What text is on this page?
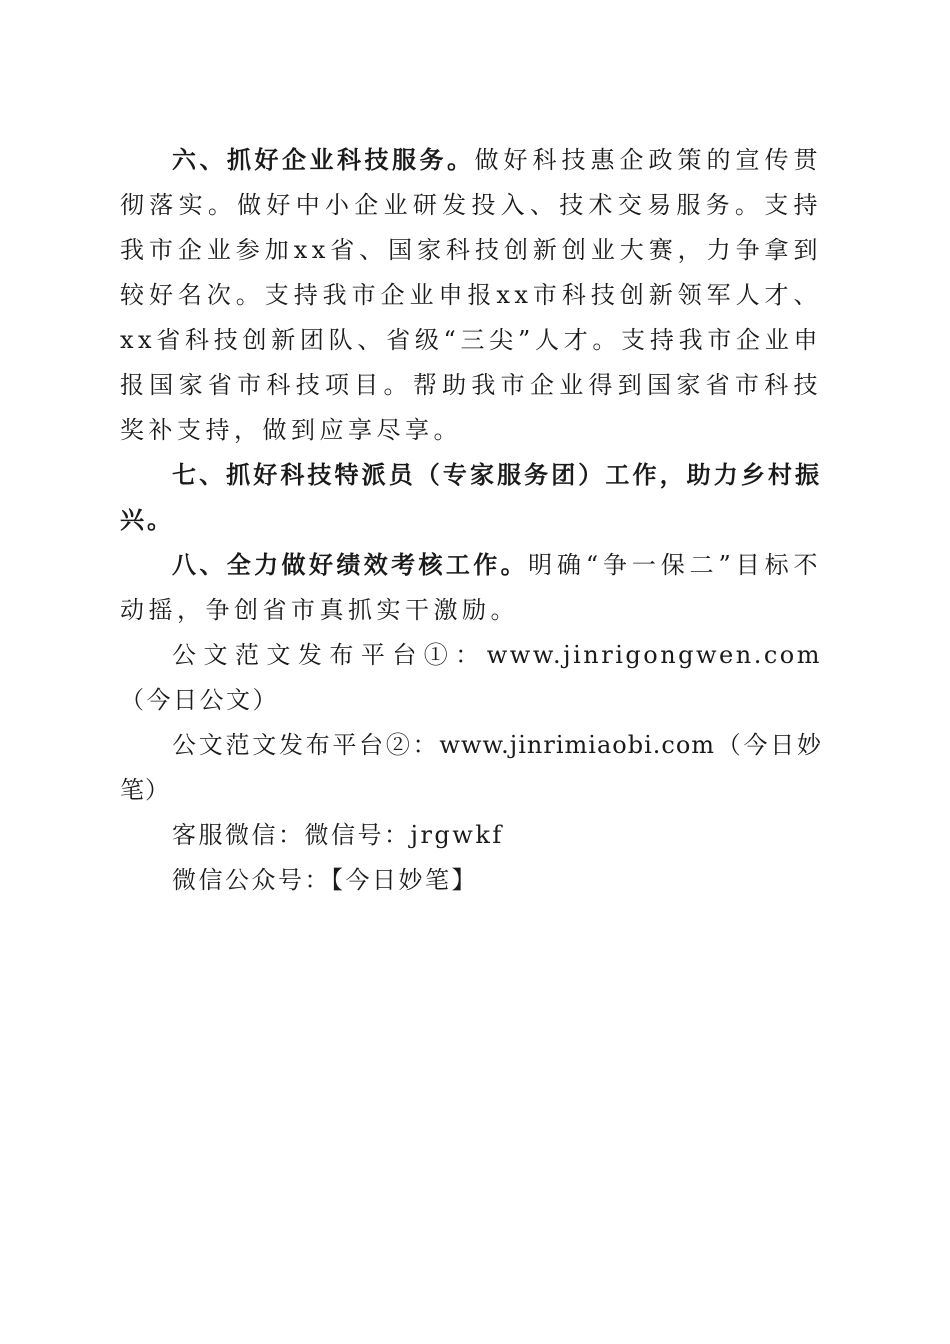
六、抓好企业科技服务。做好科技惠企政策的宣传贯彻落实。做好中小企业研发投入、技术交易服务。支持我市企业参加xx省、国家科技创新创业大赛，力争拿到较好名次。支持我市企业申报xx市科技创新领军人才、xx省科技创新团队、省级“三尖”人才。支持我市企业申报国家省市科技项目。帮助我市企业得到国家省市科技奖补支持，做到应享尽享。

七、抓好科技特派员（专家服务团）工作，助力乡村振兴。

八、全力做好绩效考核工作。明确“争一保二”目标不动摇，争创省市真抓实干激励。

公文范文发布平台①：www.jinrigongwen.com（今日公文）

公文范文发布平台②：www.jinrimiaobi.com（今日妙笔）

客服微信：微信号：jrgwkf

微信公众号：【今日妙笔】
